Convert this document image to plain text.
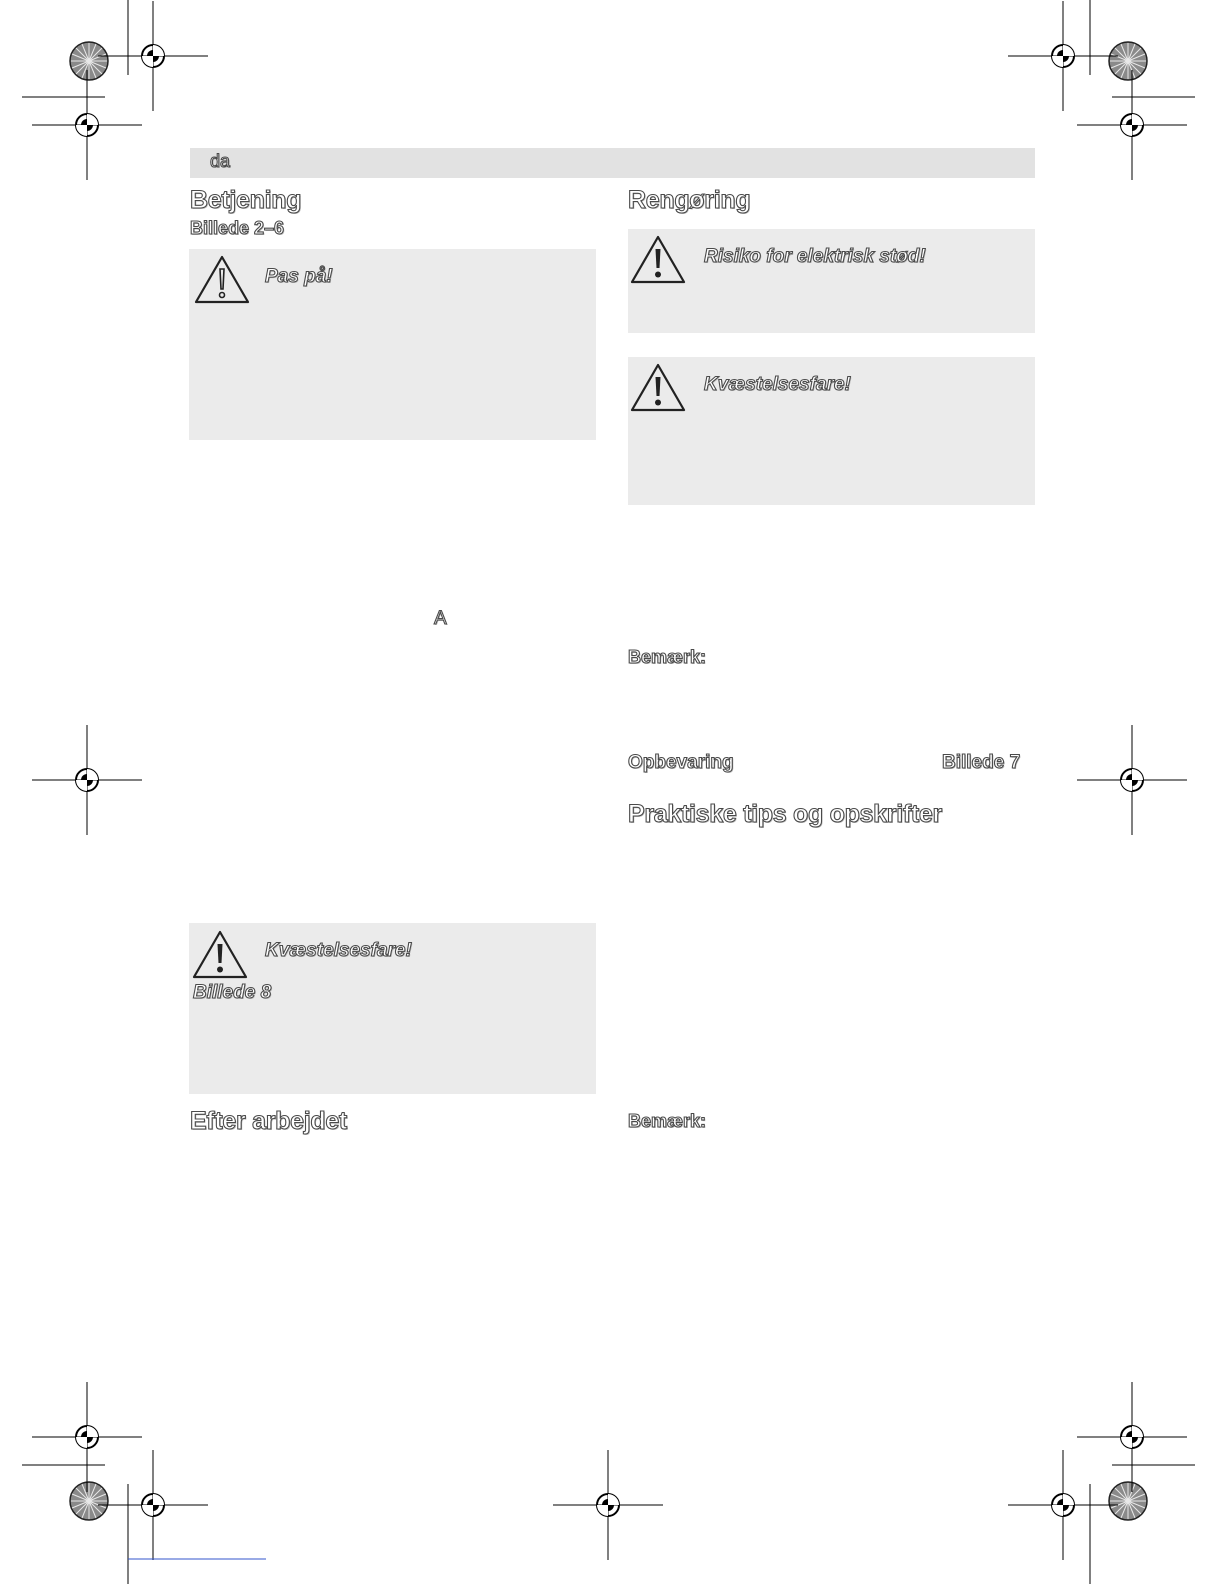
da
Betjening
Billede 2–6
Pas på!
A
Kvæstelsesfare!
Billede 8
Efter arbejdet
Rengøring
Risiko for elektrisk stød!
Kvæstelsesfare!
Bemærk:
Opbevaring	Billede 7
Praktiske tips og opskrifter
Bemærk:
